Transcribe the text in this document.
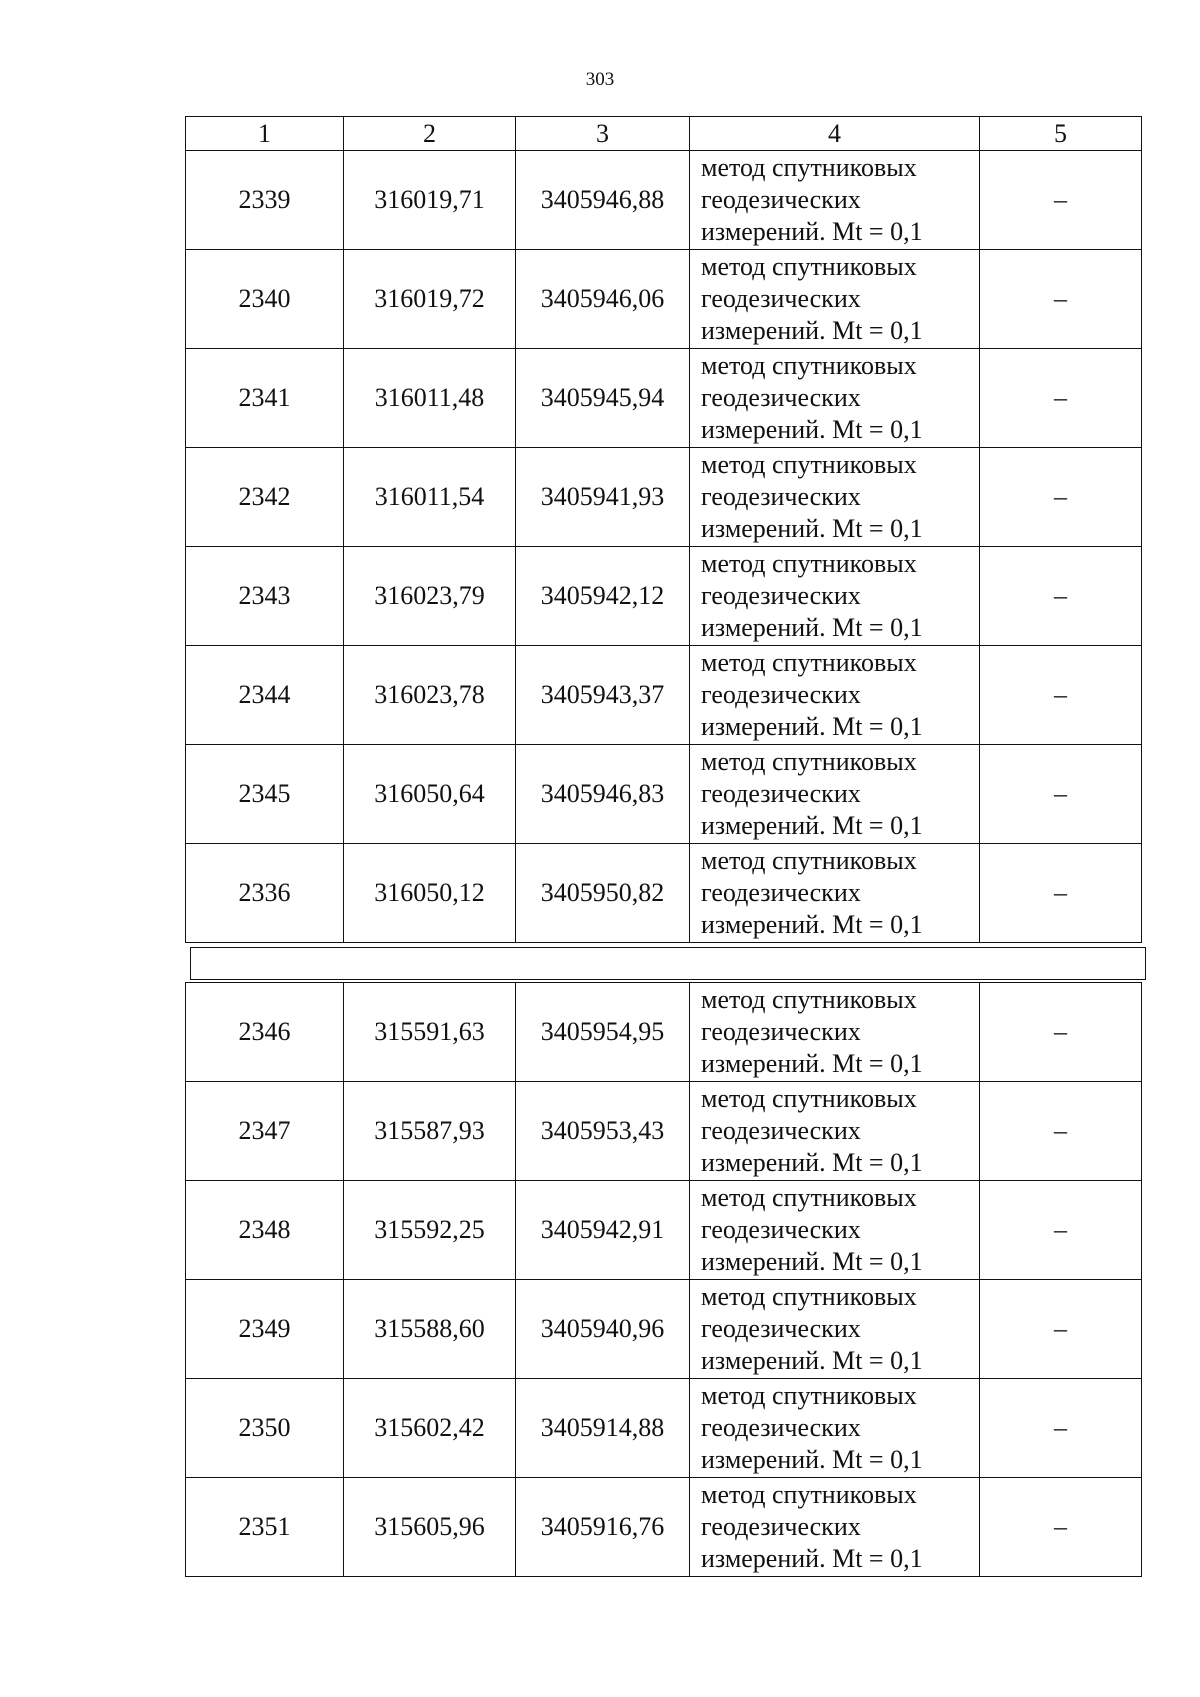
303
1	2	3	4	5
2339	316019,71	3405946,88	метод спутниковых
геодезических
измерений. Mt = 0,1	–
2340	316019,72	3405946,06	метод спутниковых
геодезических
измерений. Mt = 0,1	–
2341	316011,48	3405945,94	метод спутниковых
геодезических
измерений. Mt = 0,1	–
2342	316011,54	3405941,93	метод спутниковых
геодезических
измерений. Mt = 0,1	–
2343	316023,79	3405942,12	метод спутниковых
геодезических
измерений. Mt = 0,1	–
2344	316023,78	3405943,37	метод спутниковых
геодезических
измерений. Mt = 0,1	–
2345	316050,64	3405946,83	метод спутниковых
геодезических
измерений. Mt = 0,1	–
2336	316050,12	3405950,82	метод спутниковых
геодезических
измерений. Mt = 0,1	–
2346	315591,63	3405954,95	метод спутниковых
геодезических
измерений. Mt = 0,1	–
2347	315587,93	3405953,43	метод спутниковых
геодезических
измерений. Mt = 0,1	–
2348	315592,25	3405942,91	метод спутниковых
геодезических
измерений. Mt = 0,1	–
2349	315588,60	3405940,96	метод спутниковых
геодезических
измерений. Mt = 0,1	–
2350	315602,42	3405914,88	метод спутниковых
геодезических
измерений. Mt = 0,1	–
2351	315605,96	3405916,76	метод спутниковых
геодезических
измерений. Mt = 0,1	–
